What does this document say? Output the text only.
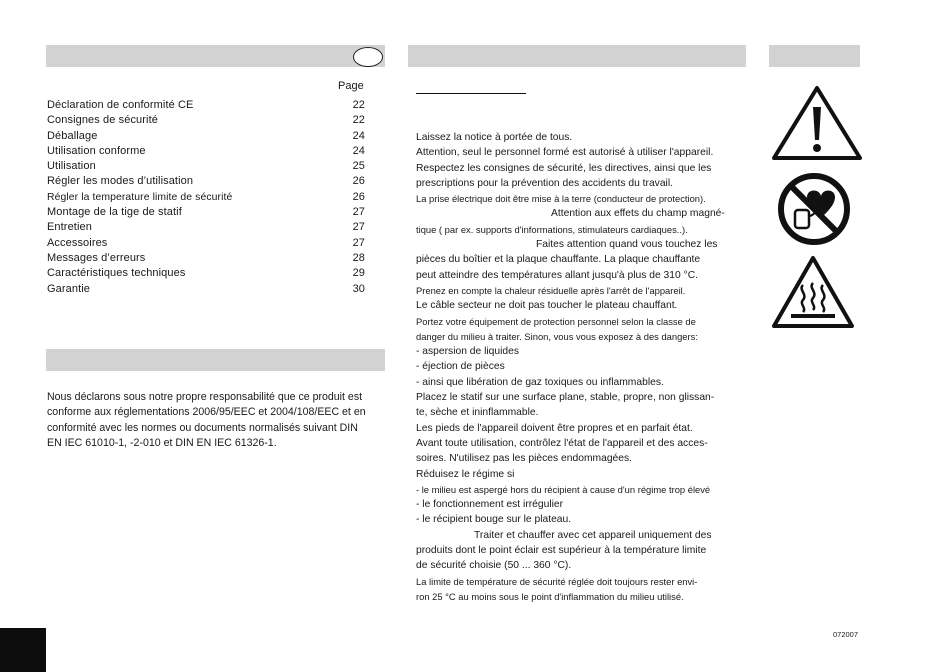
Page
Déclaration de conformité CE	22
Consignes de sécurité	22
Déballage	24
Utilisation conforme	24
Utilisation	25
Régler les modes d’utilisation	26
Régler la temperature limite de sécurité	26
Montage de la tige de statif	27
Entretien	27
Accessoires	27
Messages d’erreurs	28
Caractéristiques techniques	29
Garantie	30
Nous déclarons sous notre propre responsabilité que ce produit est
conforme aux réglementations 2006/95/EEC et 2004/108/EEC et en
conformité avec les normes ou documents normalisés suivant DIN
EN IEC 61010-1, -2-010 et DIN EN IEC 61326-1.
Laissez la notice à portée de tous.
Attention, seul le personnel formé est autorisé à utiliser l'appareil.
Respectez les consignes de sécurité, les directives, ainsi que les
prescriptions pour la prévention des accidents du travail.
La prise électrique doit être mise à la terre (conducteur de protection).
Attention aux effets du champ magné-
tique ( par ex. supports d'informations, stimulateurs cardiaques..).
Faites attention quand vous touchez les
pièces du boîtier et la plaque chauffante. La plaque chauffante
peut atteindre des températures allant jusqu'à plus de 310 °C.
Prenez en compte la chaleur résiduelle après l'arrêt de l'appareil.
Le câble secteur ne doit pas toucher le plateau chauffant.
Portez votre équipement de protection personnel selon la classe de
danger du milieu à traiter. Sinon, vous vous exposez à des dangers:
- aspersion de liquides
- éjection de pièces
- ainsi que libération de gaz toxiques ou inflammables.
Placez le statif sur une surface plane, stable, propre, non glissan-
te, sèche et ininflammable.
Les pieds de l'appareil doivent être propres et en parfait état.
Avant toute utilisation, contrôlez l'état de l'appareil et des acces-
soires. N'utilisez pas les pièces endommagées.
Réduisez le régime si
- le milieu est aspergé hors du récipient à cause d'un régime trop élevé
- le fonctionnement est irrégulier
- le récipient bouge sur le plateau.
Traiter et chauffer avec cet appareil uniquement des
produits dont le point éclair est supérieur à la température limite
de sécurité choisie (50 ... 360 °C).
La limite de température de sécurité réglée doit toujours rester envi-
ron 25 °C au moins sous le point d'inflammation du milieu utilisé.
072007
